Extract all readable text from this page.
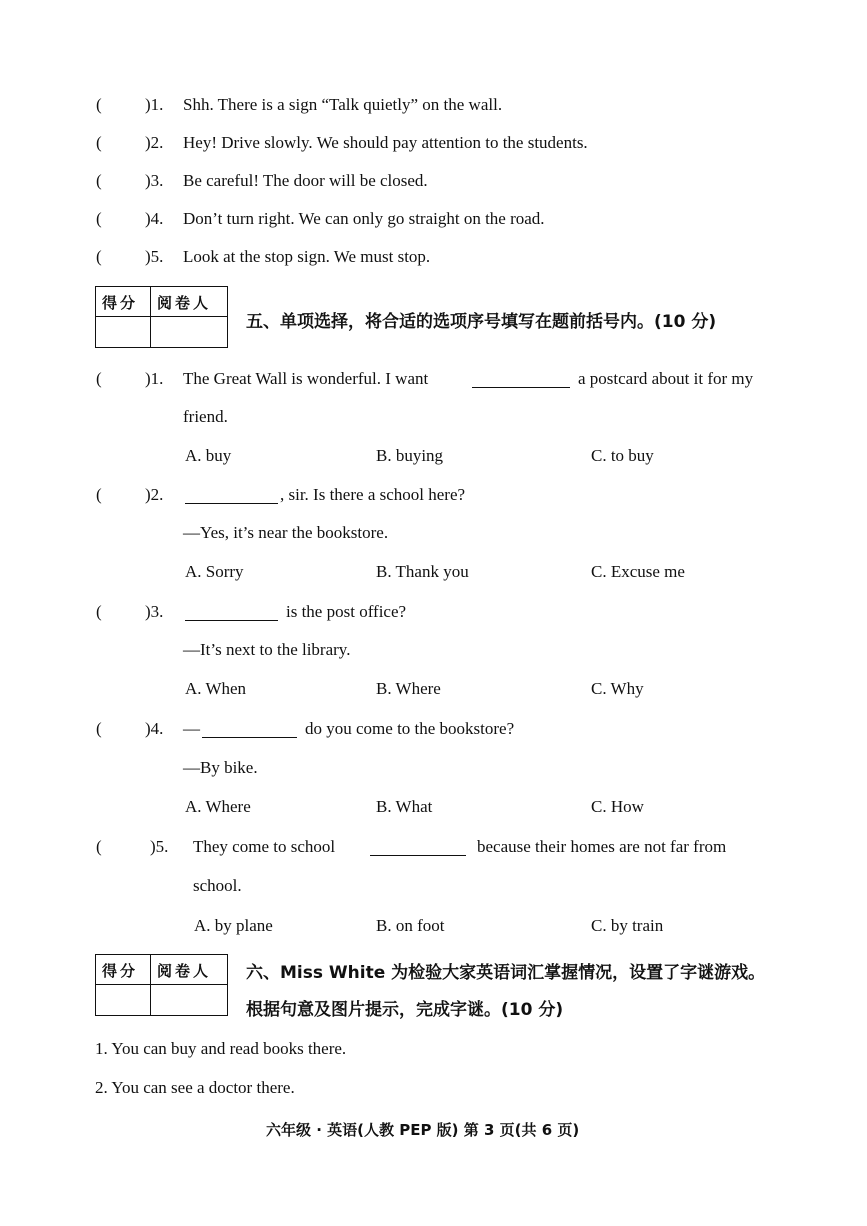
(	)1. Shh. There is a sign “Talk quietly” on the wall.
(	)2. Hey! Drive slowly. We should pay attention to the students.
(	)3. Be careful! The door will be closed.
(	)4. Don’t turn right. We can only go straight on the road.
(	)5. Look at the stop sign. We must stop.
得分 阅卷人
五、单项选择，将合适的选项序号填写在题前括号内。(10 分)
(	)1. The Great Wall is wonderful. I want	a postcard about it for my
friend.
A. buy	B. buying	C. to buy
(	)2.	, sir. Is there a school here?
—Yes, it’s near the bookstore.
A. Sorry	B. Thank you	C. Excuse me
(	)3.	is the post office?
—It’s next to the library.
A. When	B. Where	C. Why
(	)4. —	do you come to the bookstore?
—By bike.
A. Where	B. What	C. How
(	)5. They come to school	because their homes are not far from
school.
A. by plane	B. on foot	C. by train
得分 阅卷人 六、Miss White 为检验大家英语词汇掌握情况，设置了字谜游戏。
根据句意及图片提示，完成字谜。(10 分)
1. You can buy and read books there.
2. You can see a doctor there.
六年级 · 英语(人教 PEP 版) 第 3 页(共 6 页)
